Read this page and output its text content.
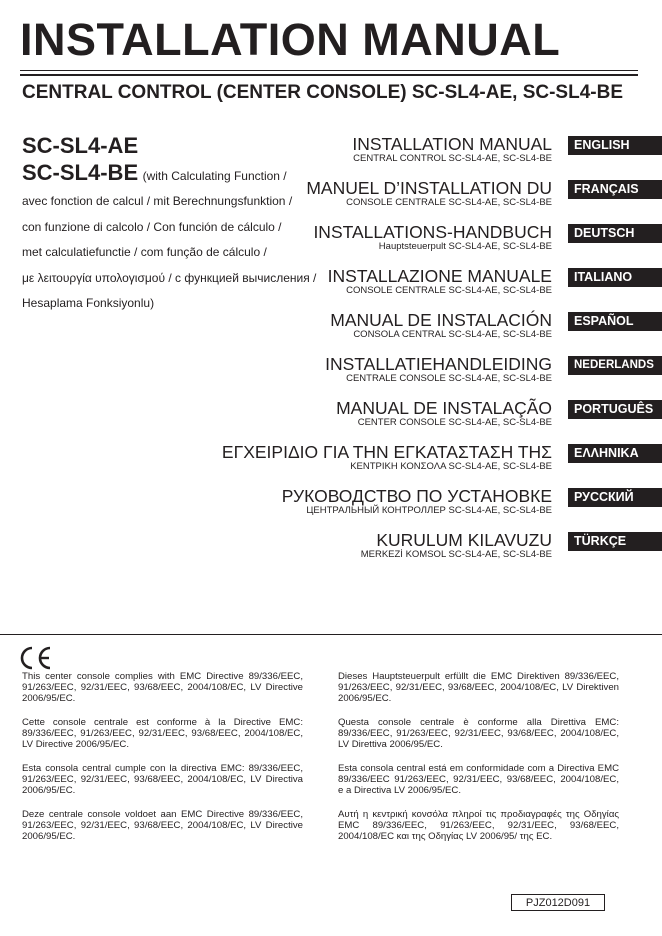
INSTALLATION MANUAL
CENTRAL CONTROL (CENTER CONSOLE) SC-SL4-AE, SC-SL4-BE
SC-SL4-AE
SC-SL4-BE (with Calculating Function /
avec fonction de calcul / mit Berechnungsfunktion /
con funzione di calcolo / Con función de cálculo /
met calculatiefunctie / com função de cálculo /
με λειτουργία υπολογισμού / с функцией вычисления /
Hesaplama Fonksiyonlu)
INSTALLATION MANUAL
CENTRAL CONTROL SC-SL4-AE, SC-SL4-BE
ENGLISH
MANUEL D’INSTALLATION DU
CONSOLE CENTRALE SC-SL4-AE, SC-SL4-BE
FRANÇAIS
INSTALLATIONS-HANDBUCH
Hauptsteuerpult SC-SL4-AE, SC-SL4-BE
DEUTSCH
INSTALLAZIONE MANUALE
CONSOLE CENTRALE SC-SL4-AE, SC-SL4-BE
ITALIANO
MANUAL DE INSTALACIÓN
CONSOLA CENTRAL SC-SL4-AE, SC-SL4-BE
ESPAÑOL
INSTALLATIEHANDLEIDING
CENTRALE CONSOLE SC-SL4-AE, SC-SL4-BE
NEDERLANDS
MANUAL DE INSTALAÇÃO
CENTER CONSOLE SC-SL4-AE, SC-SL4-BE
PORTUGUÊS
ΕΓΧΕΙΡΙΔΙΟ ΓΙΑ ΤΗΝ ΕΓΚΑΤΑΣΤΑΣΗ ΤΗΣ
ΚΕΝΤΡΙΚΗ ΚΟΝΣΟΛΑ SC-SL4-AE, SC-SL4-BE
ΕΛΛΗΝΙΚΑ
РУКОВОДСТВО ПО УСТАНОВКЕ
ЦЕНТРАЛЬНЫЙ КОНТРОЛЛЕР SC-SL4-AE, SC-SL4-BE
РУССКИЙ
KURULUM KILAVUZU
MERKEZİ KOMSOL SC-SL4-AE, SC-SL4-BE
TÜRKÇE
This center console complies with EMC Directive 89/336/EEC, 91/263/EEC, 92/31/EEC, 93/68/EEC, 2004/108/EC, LV Directive 2006/95/EC.
Cette console centrale est conforme à la Directive EMC: 89/336/EEC, 91/263/EEC, 92/31/EEC, 93/68/EEC, 2004/108/EC, LV Directive 2006/95/EC.
Esta consola central cumple con la directiva EMC: 89/336/EEC, 91/263/EEC, 92/31/EEC, 93/68/EEC, 2004/108/EC, LV Directiva 2006/95/EC.
Deze centrale console voldoet aan EMC Directive 89/336/EEC, 91/263/EEC, 92/31/EEC, 93/68/EEC, 2004/108/EC, LV Directive 2006/95/EC.
Dieses Hauptsteuerpult erfüllt die EMC Direktiven 89/336/EEC, 91/263/EEC, 92/31/EEC, 93/68/EEC, 2004/108/EC, LV Direktiven 2006/95/EC.
Questa console centrale è conforme alla Direttiva EMC: 89/336/EEC, 91/263/EEC, 92/31/EEC, 93/68/EEC, 2004/108/EC, LV Direttiva 2006/95/EC.
Esta consola central está em conformidade com a Directiva EMC 89/336/EEC 91/263/EEC, 92/31/EEC, 93/68/EEC, 2004/108/EC, e a Directiva LV 2006/95/EC.
Αυτή η κεντρική κονσόλα πληροί τις προδιαγραφές της Οδηγίας EMC 89/336/EEC, 91/263/EEC, 92/31/EEC, 93/68/EEC, 2004/108/EC και της Οδηγίας LV 2006/95/ της EC.
PJZ012D091
